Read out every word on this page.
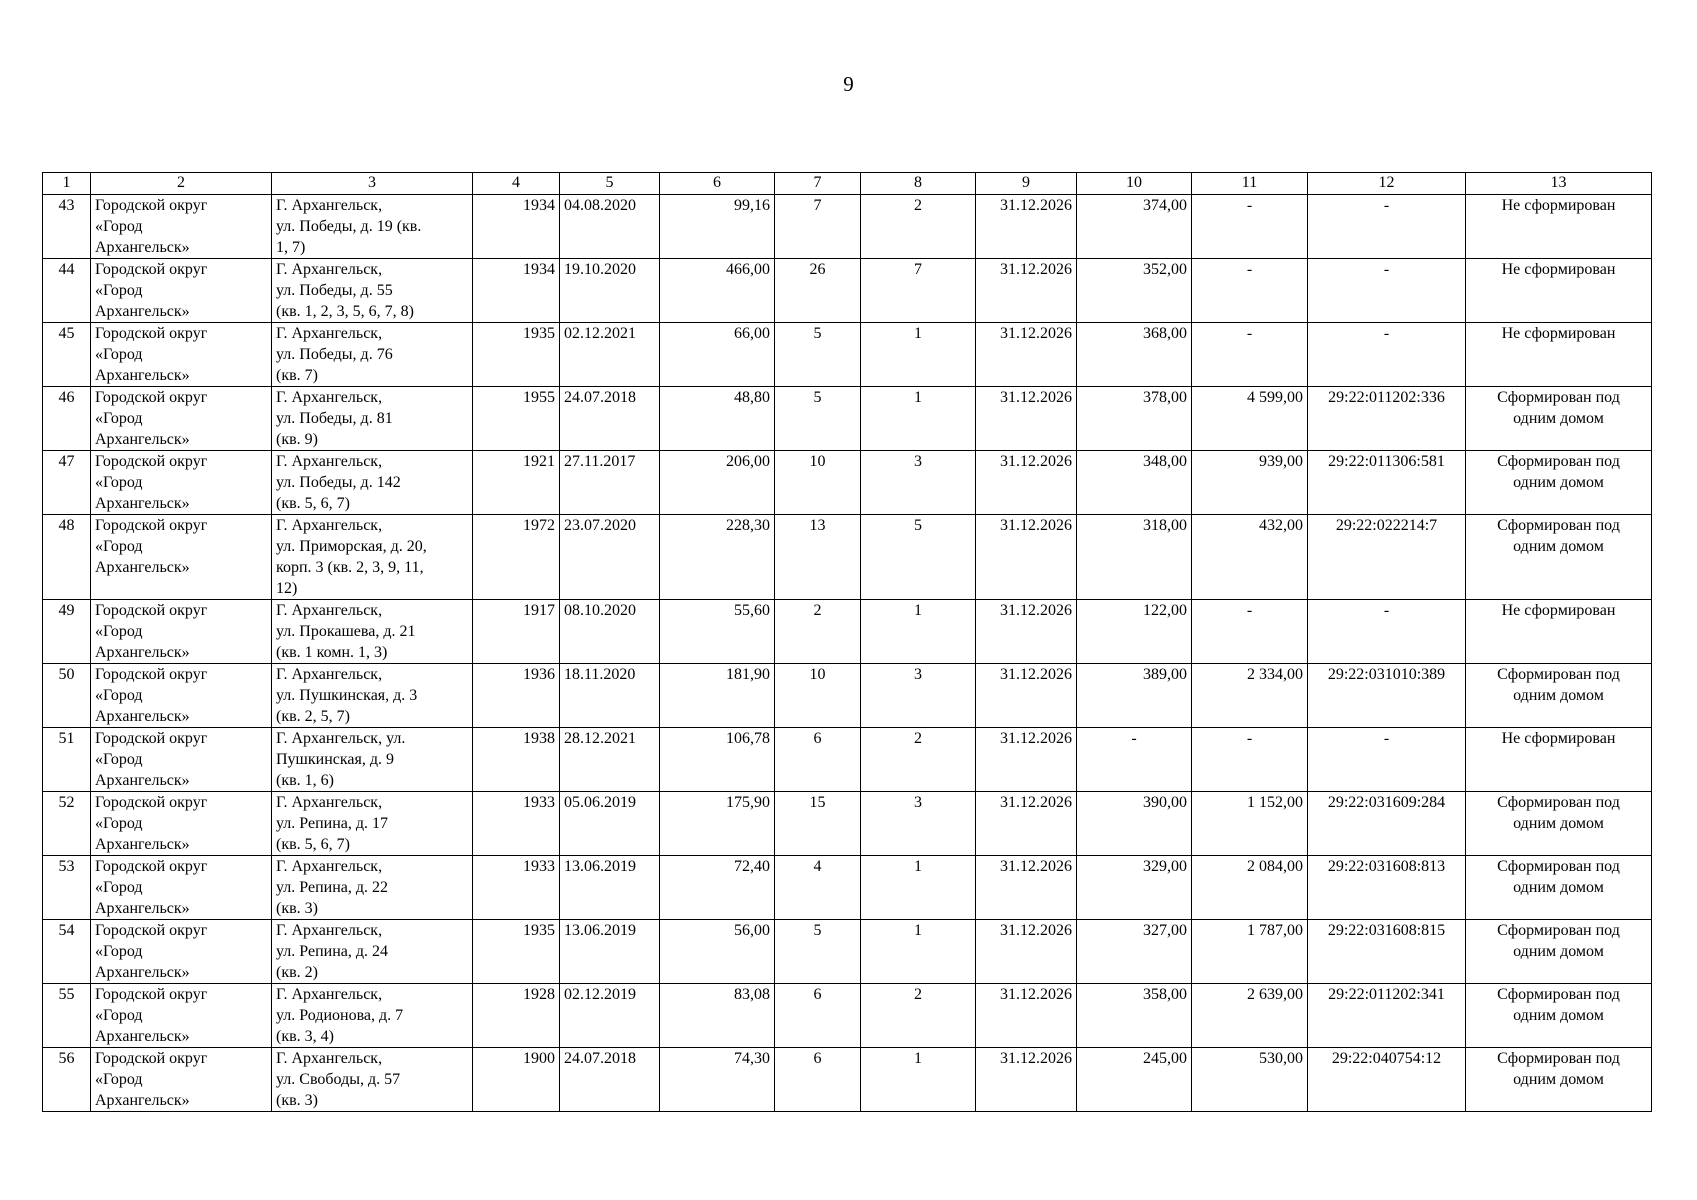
9
1	2	3	4	5	6	7	8	9	10	11	12	13
43	Городской округ
«Город
Архангельск»	Г. Архангельск,
ул. Победы, д. 19 (кв.
1, 7)	1934	04.08.2020	99,16	7	2	31.12.2026	374,00	-	-	Не сформирован
44	Городской округ
«Город
Архангельск»	Г. Архангельск,
ул. Победы, д. 55
(кв. 1, 2, 3, 5, 6, 7, 8)	1934	19.10.2020	466,00	26	7	31.12.2026	352,00	-	-	Не сформирован
45	Городской округ
«Город
Архангельск»	Г. Архангельск,
ул. Победы, д. 76
(кв. 7)	1935	02.12.2021	66,00	5	1	31.12.2026	368,00	-	-	Не сформирован
46	Городской округ
«Город
Архангельск»	Г. Архангельск,
ул. Победы, д. 81
(кв. 9)	1955	24.07.2018	48,80	5	1	31.12.2026	378,00	4 599,00	29:22:011202:336	Сформирован под
одним домом
47	Городской округ
«Город
Архангельск»	Г. Архангельск,
ул. Победы, д. 142
(кв. 5, 6, 7)	1921	27.11.2017	206,00	10	3	31.12.2026	348,00	939,00	29:22:011306:581	Сформирован под
одним домом
48	Городской округ
«Город
Архангельск»	Г. Архангельск,
ул. Приморская, д. 20,
корп. 3 (кв. 2, 3, 9, 11,
12)	1972	23.07.2020	228,30	13	5	31.12.2026	318,00	432,00	29:22:022214:7	Сформирован под
одним домом
49	Городской округ
«Город
Архангельск»	Г. Архангельск,
ул. Прокашева, д. 21
(кв. 1 комн. 1, 3)	1917	08.10.2020	55,60	2	1	31.12.2026	122,00	-	-	Не сформирован
50	Городской округ
«Город
Архангельск»	Г. Архангельск,
ул. Пушкинская, д. 3
(кв. 2, 5, 7)	1936	18.11.2020	181,90	10	3	31.12.2026	389,00	2 334,00	29:22:031010:389	Сформирован под
одним домом
51	Городской округ
«Город
Архангельск»	Г. Архангельск, ул.
Пушкинская, д. 9
(кв. 1, 6)	1938	28.12.2021	106,78	6	2	31.12.2026	-	-	-	Не сформирован
52	Городской округ
«Город
Архангельск»	Г. Архангельск,
ул. Репина, д. 17
(кв. 5, 6, 7)	1933	05.06.2019	175,90	15	3	31.12.2026	390,00	1 152,00	29:22:031609:284	Сформирован под
одним домом
53	Городской округ
«Город
Архангельск»	Г. Архангельск,
ул. Репина, д. 22
(кв. 3)	1933	13.06.2019	72,40	4	1	31.12.2026	329,00	2 084,00	29:22:031608:813	Сформирован под
одним домом
54	Городской округ
«Город
Архангельск»	Г. Архангельск,
ул. Репина, д. 24
(кв. 2)	1935	13.06.2019	56,00	5	1	31.12.2026	327,00	1 787,00	29:22:031608:815	Сформирован под
одним домом
55	Городской округ
«Город
Архангельск»	Г. Архангельск,
ул. Родионова, д. 7
(кв. 3, 4)	1928	02.12.2019	83,08	6	2	31.12.2026	358,00	2 639,00	29:22:011202:341	Сформирован под
одним домом
56	Городской округ
«Город
Архангельск»	Г. Архангельск,
ул. Свободы, д. 57
(кв. 3)	1900	24.07.2018	74,30	6	1	31.12.2026	245,00	530,00	29:22:040754:12	Сформирован под
одним домом
